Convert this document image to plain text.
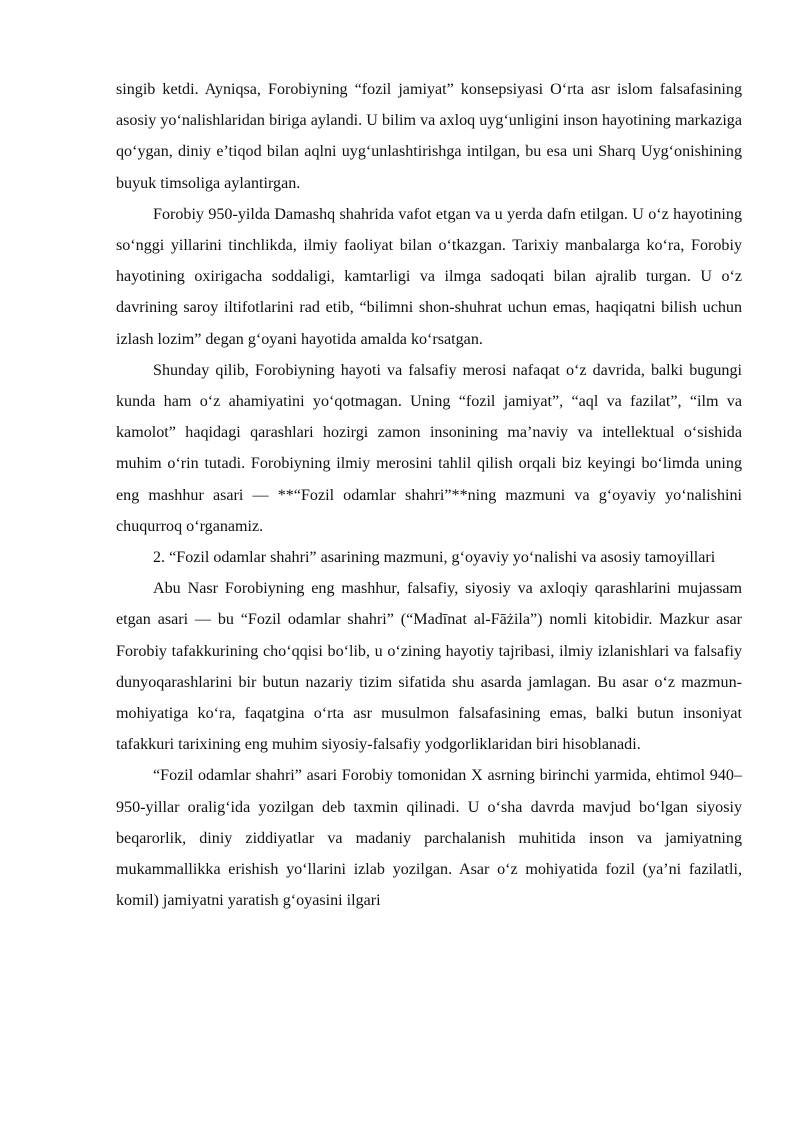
singib ketdi. Ayniqsa, Forobiyning “fozil jamiyat” konsepsiyasi O‘rta asr islom falsafasining asosiy yo‘nalishlaridan biriga aylandi. U bilim va axloq uyg‘unligini inson hayotining markaziga qo‘ygan, diniy e’tiqod bilan aqlni uyg‘unlashtirishga intilgan, bu esa uni Sharq Uyg‘onishining buyuk timsoliga aylantirgan.

Forobiy 950-yilda Damashq shahrida vafot etgan va u yerda dafn etilgan. U o‘z hayotining so‘nggi yillarini tinchlikda, ilmiy faoliyat bilan o‘tkazgan. Tarixiy manbalarga ko‘ra, Forobiy hayotining oxirigacha soddaligi, kamtarligi va ilmga sadoqati bilan ajralib turgan. U o‘z davrining saroy iltifotlarini rad etib, “bilimni shon-shuhrat uchun emas, haqiqatni bilish uchun izlash lozim” degan g‘oyani hayotida amalda ko‘rsatgan.

Shunday qilib, Forobiyning hayoti va falsafiy merosi nafaqat o‘z davrida, balki bugungi kunda ham o‘z ahamiyatini yo‘qotmagan. Uning “fozil jamiyat”, “aql va fazilat”, “ilm va kamolot” haqidagi qarashlari hozirgi zamon insonining ma’naviy va intellektual o‘sishida muhim o‘rin tutadi. Forobiyning ilmiy merosini tahlil qilish orqali biz keyingi bo‘limda uning eng mashhur asari — **“Fozil odamlar shahri”**ning mazmuni va g‘oyaviy yo‘nalishini chuqurroq o‘rganamiz.

2. “Fozil odamlar shahri” asarining mazmuni, g‘oyaviy yo‘nalishi va asosiy tamoyillari

Abu Nasr Forobiyning eng mashhur, falsafiy, siyosiy va axloqiy qarashlarini mujassam etgan asari — bu “Fozil odamlar shahri” (“Madīnat al-Fāżila”) nomli kitobidir. Mazkur asar Forobiy tafakkurining cho‘qqisi bo‘lib, u o‘zining hayotiy tajribasi, ilmiy izlanishlari va falsafiy dunyoqarashlarini bir butun nazariy tizim sifatida shu asarda jamlagan. Bu asar o‘z mazmun-mohiyatiga ko‘ra, faqatgina o‘rta asr musulmon falsafasining emas, balki butun insoniyat tafakkuri tarixining eng muhim siyosiy-falsafiy yodgorliklaridan biri hisoblanadi.

“Fozil odamlar shahri” asari Forobiy tomonidan X asrning birinchi yarmida, ehtimol 940–950-yillar oralig‘ida yozilgan deb taxmin qilinadi. U o‘sha davrda mavjud bo‘lgan siyosiy beqarorlik, diniy ziddiyatlar va madaniy parchalanish muhitida inson va jamiyatning mukammallikka erishish yo‘llarini izlab yozilgan. Asar o‘z mohiyatida fozil (ya’ni fazilatli, komil) jamiyatni yaratish g‘oyasini ilgari
